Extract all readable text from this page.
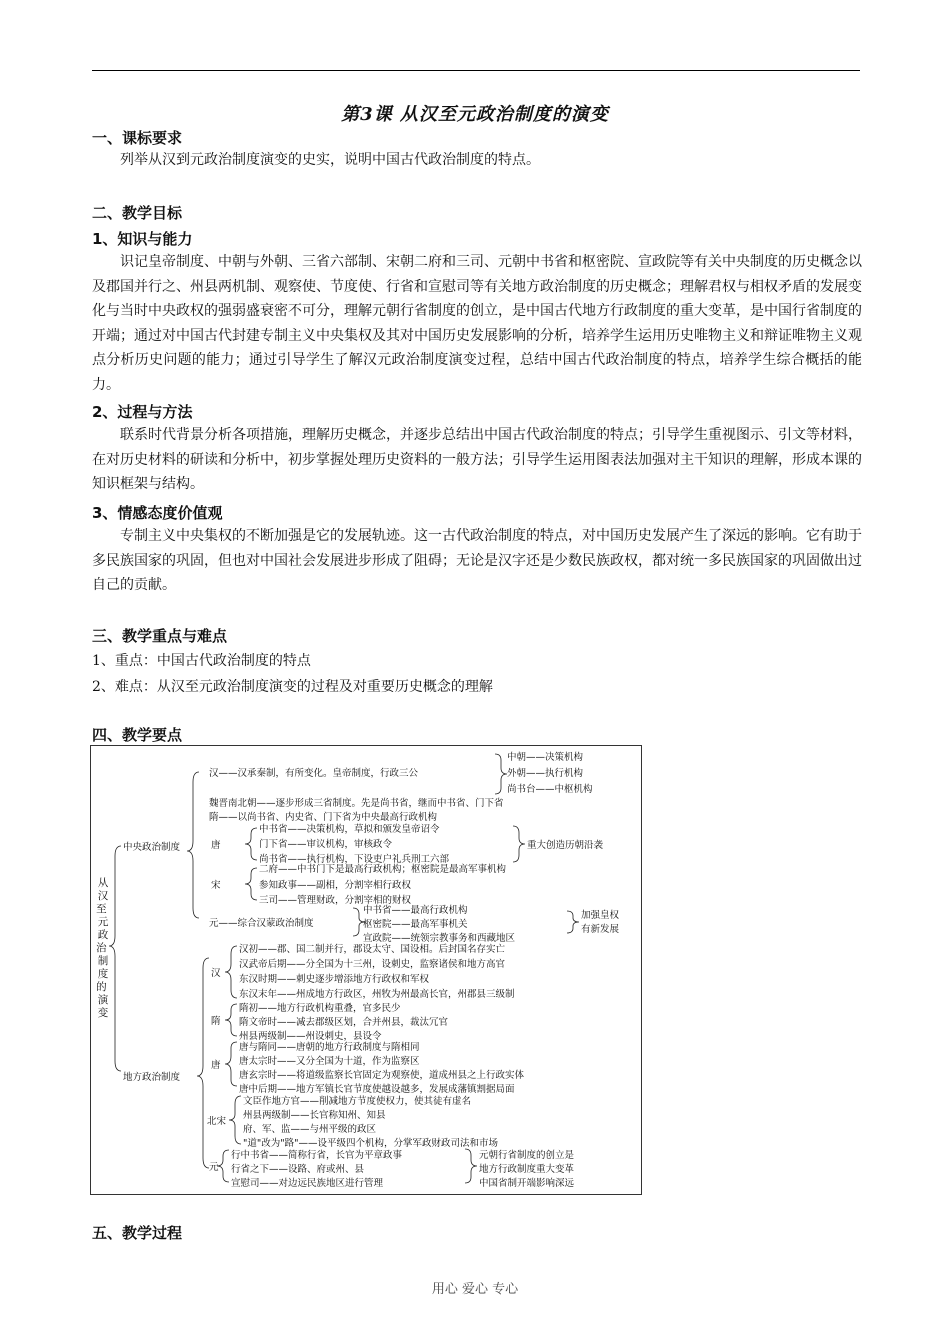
第3课 从汉至元政治制度的演变
一、课标要求
列举从汉到元政治制度演变的史实，说明中国古代政治制度的特点。
二、教学目标
1、知识与能力
识记皇帝制度、中朝与外朝、三省六部制、宋朝二府和三司、元朝中书省和枢密院、宣政院等有关中央制度的历史概念以及郡国并行之、州县两机制、观察使、节度使、行省和宣慰司等有关地方政治制度的历史概念；理解君权与相权矛盾的发展变化与当时中央政权的强弱盛衰密不可分，理解元朝行省制度的创立，是中国古代地方行政制度的重大变革，是中国行省制度的开端；通过对中国古代封建专制主义中央集权及其对中国历史发展影响的分析，培养学生运用历史唯物主义和辩证唯物主义观点分析历史问题的能力；通过引导学生了解汉元政治制度演变过程，总结中国古代政治制度的特点，培养学生综合概括的能力。
2、过程与方法
联系时代背景分析各项措施，理解历史概念，并逐步总结出中国古代政治制度的特点；引导学生重视图示、引文等材料，在对历史材料的研读和分析中，初步掌握处理历史资料的一般方法；引导学生运用图表法加强对主干知识的理解，形成本课的知识框架与结构。
3、情感态度价值观
专制主义中央集权的不断加强是它的发展轨迹。这一古代政治制度的特点，对中国历史发展产生了深远的影响。它有助于多民族国家的巩固，但也对中国社会发展进步形成了阻碍；无论是汉字还是少数民族政权，都对统一多民族国家的巩固做出过自己的贡献。
三、教学重点与难点
1、重点：中国古代政治制度的特点
2、难点：从汉至元政治制度演变的过程及对重要历史概念的理解
四、教学要点
从汉至 元政治 制度的 演变
中央政治制度
地方政治制度
汉——汉承秦制，有所变化。皇帝制度，行政三公
中朝——决策机构
外朝——执行机构
尚书台——中枢机构
魏晋南北朝——逐步形成三省制度。先是尚书省，继而中书省、门下省
隋——以尚书省、内史省、门下省为中央最高行政机构
唐
中书省——决策机构，草拟和颁发皇帝诏令
门下省——审议机构，审核政令
尚书省——执行机构，下设吏户礼兵刑工六部
重大创造历朝沿袭
宋
二府——中书门下是最高行政机构；枢密院是最高军事机构
参知政事——副相，分割宰相行政权
三司——管理财政，分割宰相的财权
元——综合汉蒙政治制度
中书省——最高行政机构
枢密院——最高军事机关
宣政院——统领宗教事务和西藏地区
加强皇权
有新发展
汉
汉初——郡、国二制并行，郡设太守、国设相。后封国名存实亡
汉武帝后期——分全国为十三州，设刺史，监察诸侯和地方高官
东汉时期——刺史逐步增添地方行政权和军权
东汉末年——州成地方行政区，州牧为州最高长官，州郡县三级制
隋
隋初——地方行政机构重叠，官多民少
隋文帝时——减去郡级区划，合并州县，裁汰冗官
州县两级制——州设刺史，县设令
唐
唐与隋同——唐朝的地方行政制度与隋相同
唐太宗时——又分全国为十道，作为监察区
唐玄宗时——将道级监察长官固定为观察使，道成州县之上行政实体
唐中后期——地方军镇长官节度使越设越多，发展成藩镇割据局面
北宋
文臣作地方官——削减地方节度使权力，使其徒有虚名
州县两级制——长官称知州、知县
府、军、监——与州平级的政区
"道"改为"路"——设平级四个机构，分掌军政财政司法和市场
元
行中书省——简称行省，长官为平章政事
行省之下——设路、府或州、县
宣慰司——对边远民族地区进行管理
元朝行省制度的创立是
地方行政制度重大变革
中国省制开端影响深远
五、教学过程
用心 爱心 专心
